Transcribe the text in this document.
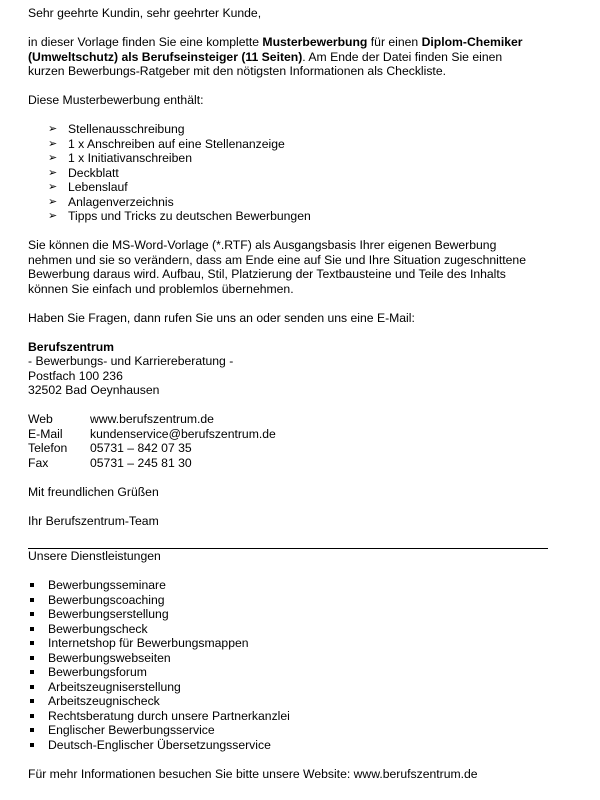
Sehr geehrte Kundin, sehr geehrter Kunde,

in dieser Vorlage finden Sie eine komplette Musterbewerbung für einen Diplom-Chemiker
(Umweltschutz) als Berufseinsteiger (11 Seiten). Am Ende der Datei finden Sie einen
kurzen Bewerbungs-Ratgeber mit den nötigsten Informationen als Checkliste.

Diese Musterbewerbung enthält:

➢ Stellenausschreibung
➢ 1 x Anschreiben auf eine Stellenanzeige
➢ 1 x Initiativanschreiben
➢ Deckblatt
➢ Lebenslauf
➢ Anlagenverzeichnis
➢ Tipps und Tricks zu deutschen Bewerbungen

Sie können die MS-Word-Vorlage (*.RTF) als Ausgangsbasis Ihrer eigenen Bewerbung
nehmen und sie so verändern, dass am Ende eine auf Sie und Ihre Situation zugeschnittene
Bewerbung daraus wird. Aufbau, Stil, Platzierung der Textbausteine und Teile des Inhalts
können Sie einfach und problemlos übernehmen.

Haben Sie Fragen, dann rufen Sie uns an oder senden uns eine E-Mail:

Berufszentrum

- Bewerbungs- und Karriereberatung -

Postfach 100 236

32502 Bad Oeynhausen

Web	www.berufszentrum.de
E-Mail	kundenservice@berufszentrum.de
Telefon	05731 – 842 07 35
Fax	05731 – 245 81 30

Mit freundlichen Grüßen

Ihr Berufszentrum-Team

Unsere Dienstleistungen

Bewerbungsseminare
Bewerbungscoaching
Bewerbungserstellung
Bewerbungscheck
Internetshop für Bewerbungsmappen
Bewerbungswebseiten
Bewerbungsforum
Arbeitszeugniserstellung
Arbeitszeugnischeck
Rechtsberatung durch unsere Partnerkanzlei
Englischer Bewerbungsservice
Deutsch-Englischer Übersetzungsservice

Für mehr Informationen besuchen Sie bitte unsere Website: www.berufszentrum.de
